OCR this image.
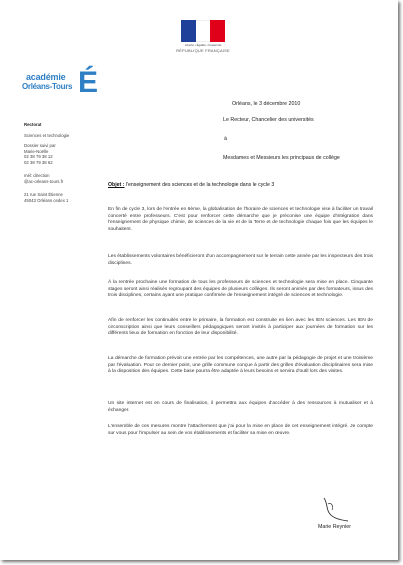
Liberté • Égalité • Fraternité
RÉPUBLIQUE FRANÇAISE
académie
Orléans-Tours É

Rectorat

Sciences et technologie

Dossier suivi par

Marie-Noëlle

02 38 79 38 12

02 38 79 38 62

mél: direction

@ac-orleans-tours.fr

21 rue Saint Étienne

45043 Orléans cedex 1

Orléans, le 3 décembre 2010
Le Recteur, Chancelier des universités
à
Mesdames et Messieurs les principaux de collège
Objet : l'enseignement des sciences et de la technologie dans le cycle 3

En fin de cycle 3, lors de l'entrée en 6ème, la globalisation de l'horaire de sciences et technologie vise à faciliter un travail concerté entre professeurs. C'est pour renforcer cette démarche que je préconise une équipe d'intégration dans l'enseignement de physique chimie, de sciences de la vie et de la Terre et de technologie chaque fois que les équipes le souhaitent.

Les établissements volontaires bénéficieront d'un accompagnement sur le terrain cette année par les inspecteurs des trois disciplines.

À la rentrée prochaine une formation de tous les professeurs de sciences et technologie sera mise en place. Cinquante stages seront ainsi réalisés regroupant des équipes de plusieurs collèges. Ils seront animés par des formateurs, issus des trois disciplines, certains ayant une pratique confirmée de l'enseignement intégré de sciences et technologie.

Afin de renforcer les continuités entre le primaire, la formation est construite en lien avec les IEN sciences. Les IEN de circonscription ainsi que leurs conseillers pédagogiques seront invités à participer aux journées de formation sur les différents lieux de formation en fonction de leur disponibilité.

La démarche de formation prévoit une entrée par les compétences, une autre par la pédagogie de projet et une troisième par l'évaluation. Pour ce dernier point, une grille commune conçue à partir des grilles d'évaluation disciplinaires sera mise à la disposition des équipes. Cette base pourra être adaptée à leurs besoins et servira d'outil lors des visites.

Un site internet est en cours de finalisation, il permettra aux équipes d'accéder à des ressources à mutualiser et à échanger.

L'ensemble de ces mesures montre l'attachement que j'ai pour la mise en place de cet enseignement intégré. Je compte sur vous pour l'impulser au sein de vos établissements et faciliter sa mise en œuvre.

Marie Reynier
